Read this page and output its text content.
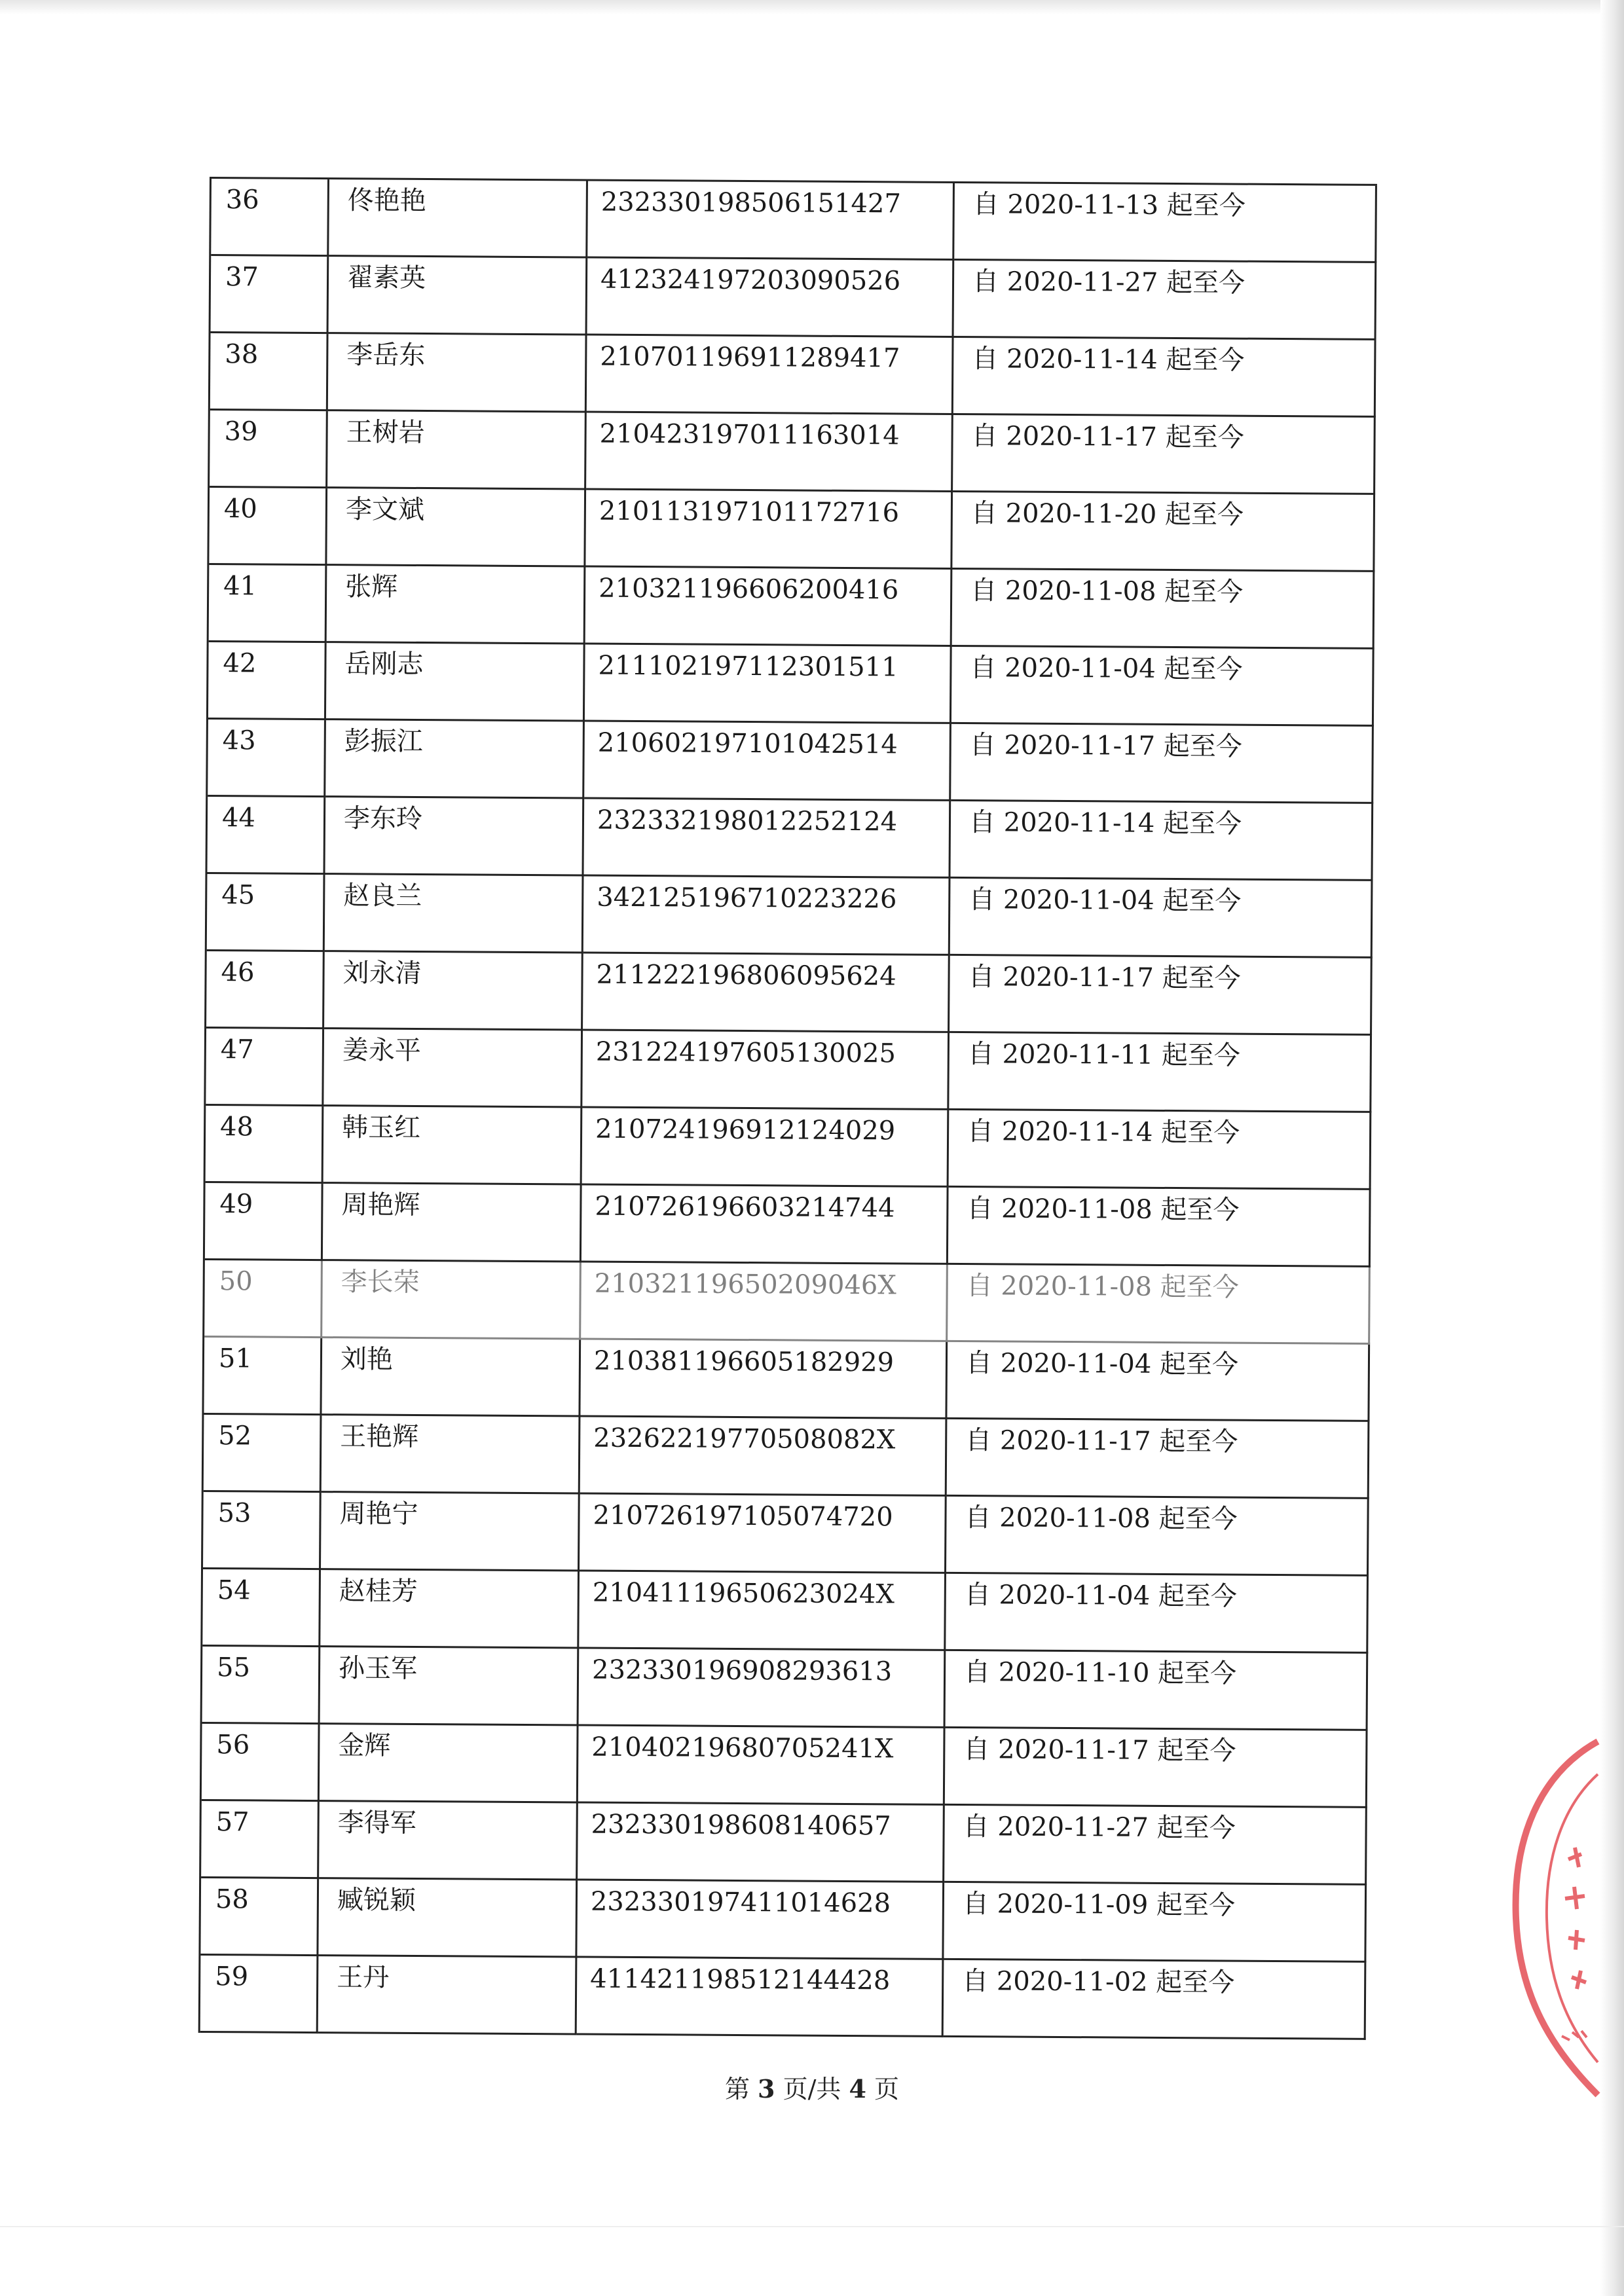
36	佟艳艳	232330198506151427	自 2020-11-13 起至今
37	翟素英	412324197203090526	自 2020-11-27 起至今
38	李岳东	210701196911289417	自 2020-11-14 起至今
39	王树岩	210423197011163014	自 2020-11-17 起至今
40	李文斌	210113197101172716	自 2020-11-20 起至今
41	张辉	210321196606200416	自 2020-11-08 起至今
42	岳刚志	211102197112301511	自 2020-11-04 起至今
43	彭振江	210602197101042514	自 2020-11-17 起至今
44	李东玲	232332198012252124	自 2020-11-14 起至今
45	赵良兰	342125196710223226	自 2020-11-04 起至今
46	刘永清	211222196806095624	自 2020-11-17 起至今
47	姜永平	231224197605130025	自 2020-11-11 起至今
48	韩玉红	210724196912124029	自 2020-11-14 起至今
49	周艳辉	210726196603214744	自 2020-11-08 起至今
50	李长荣	21032119650209046X	自 2020-11-08 起至今
51	刘艳	210381196605182929	自 2020-11-04 起至今
52	王艳辉	23262219770508082X	自 2020-11-17 起至今
53	周艳宁	210726197105074720	自 2020-11-08 起至今
54	赵桂芳	21041119650623024X	自 2020-11-04 起至今
55	孙玉军	232330196908293613	自 2020-11-10 起至今
56	金辉	21040219680705241X	自 2020-11-17 起至今
57	李得军	232330198608140657	自 2020-11-27 起至今
58	臧锐颖	232330197411014628	自 2020-11-09 起至今
59	王丹	411421198512144428	自 2020-11-02 起至今
第 3 页/共 4 页
